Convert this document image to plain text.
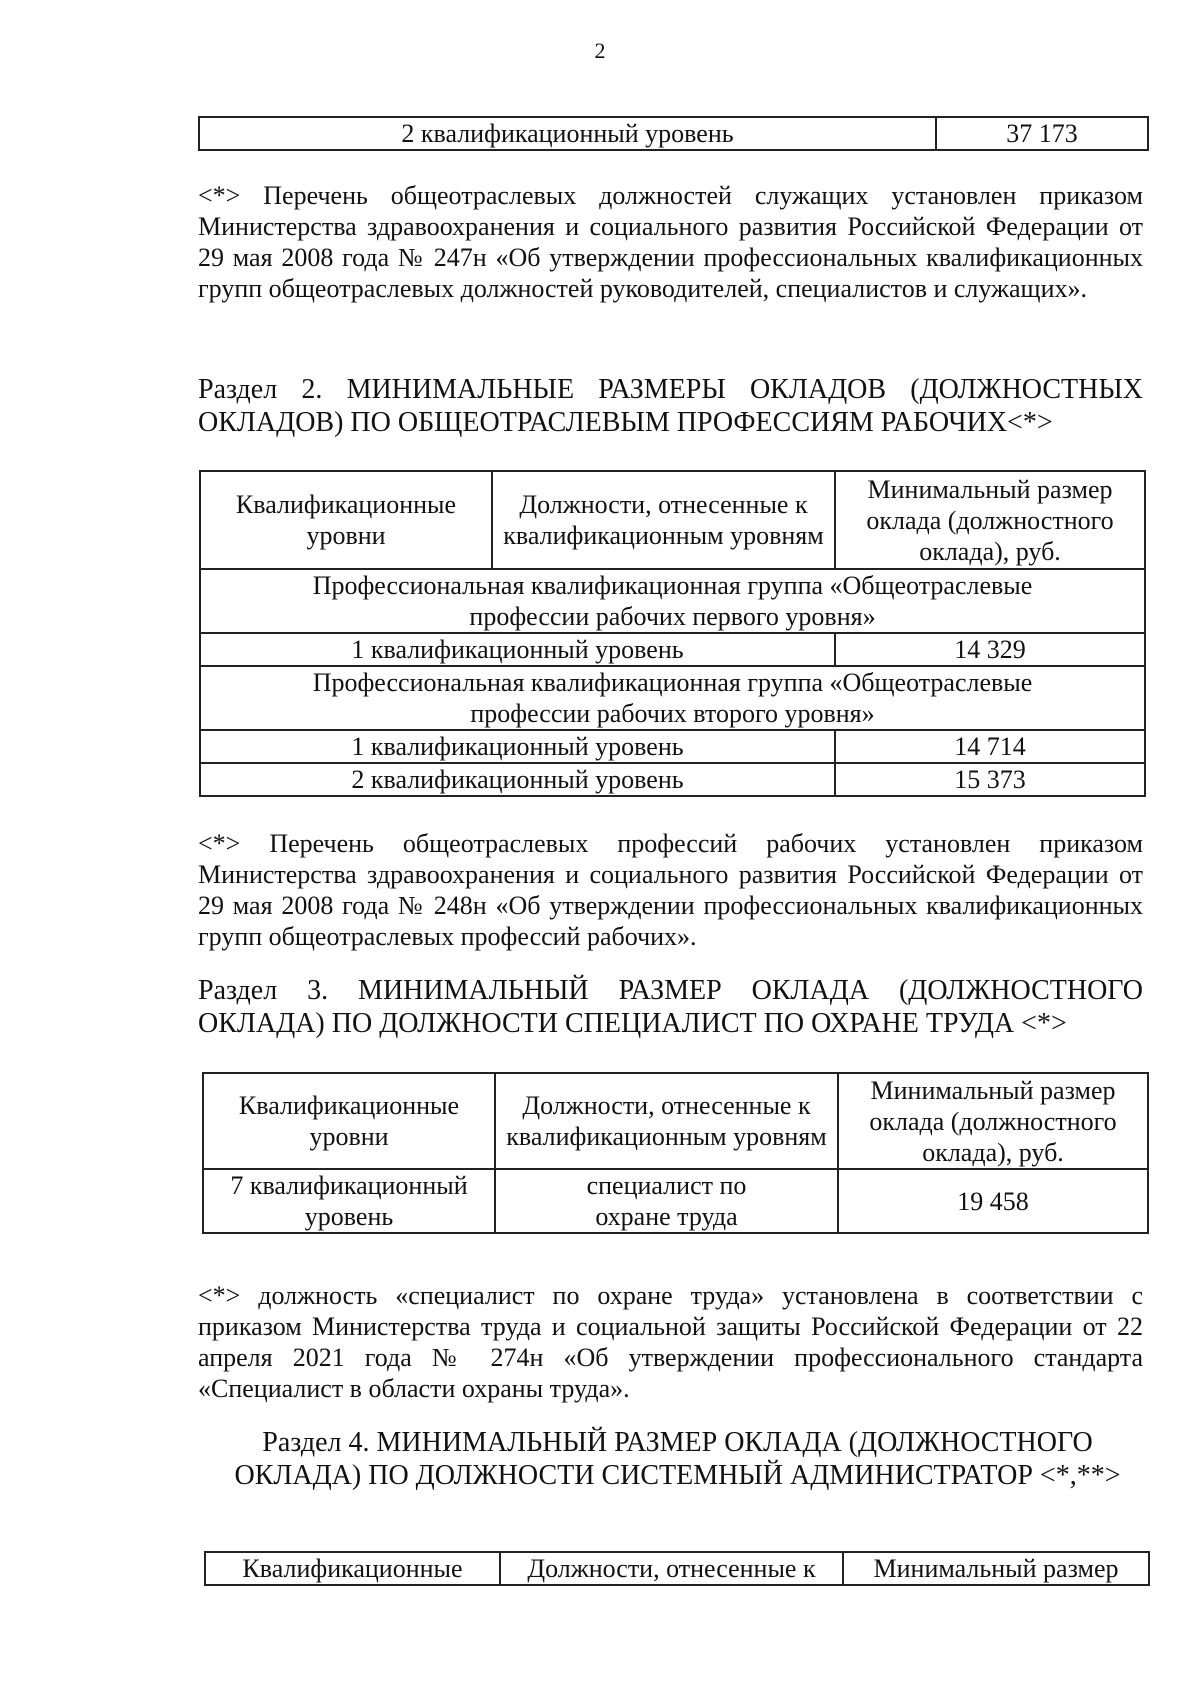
2
2 квалификационный уровень	37 173

<*> Перечень общеотраслевых должностей служащих установлен приказом Министерства здравоохранения и социального развития Российской Федерации от 29 мая 2008 года № 247н «Об утверждении профессиональных квалификационных групп общеотраслевых должностей руководителей, специалистов и служащих».

Раздел 2. МИНИМАЛЬНЫЕ РАЗМЕРЫ ОКЛАДОВ (ДОЛЖНОСТНЫХ ОКЛАДОВ) ПО ОБЩЕОТРАСЛЕВЫМ ПРОФЕССИЯМ РАБОЧИХ<*>

Квалификационные уровни	Должности, отнесенные к квалификационным уровням	Минимальный размер оклада (должностного оклада), руб.
Профессиональная квалификационная группа «Общеотраслевые профессии рабочих первого уровня»		
1 квалификационный уровень		14 329
Профессиональная квалификационная группа «Общеотраслевые профессии рабочих второго уровня»		
1 квалификационный уровень		14 714
2 квалификационный уровень		15 373

<*> Перечень общеотраслевых профессий рабочих установлен приказом Министерства здравоохранения и социального развития Российской Федерации от 29 мая 2008 года № 248н «Об утверждении профессиональных квалификационных групп общеотраслевых профессий рабочих».

Раздел 3. МИНИМАЛЬНЫЙ РАЗМЕР ОКЛАДА (ДОЛЖНОСТНОГО ОКЛАДА) ПО ДОЛЖНОСТИ СПЕЦИАЛИСТ ПО ОХРАНЕ ТРУДА <*>

Квалификационные уровни	Должности, отнесенные к квалификационным уровням	Минимальный размер оклада (должностного оклада), руб.
7 квалификационный уровень	специалист по охране труда	19 458

<*> должность «специалист по охране труда» установлена в соответствии с приказом Министерства труда и социальной защиты Российской Федерации от 22 апреля 2021 года № 274н «Об утверждении профессионального стандарта «Специалист в области охраны труда».

Раздел 4. МИНИМАЛЬНЫЙ РАЗМЕР ОКЛАДА (ДОЛЖНОСТНОГО ОКЛАДА) ПО ДОЛЖНОСТИ СИСТЕМНЫЙ АДМИНИСТРАТОР <*,**>

Квалификационные	Должности, отнесенные к	Минимальный размер
